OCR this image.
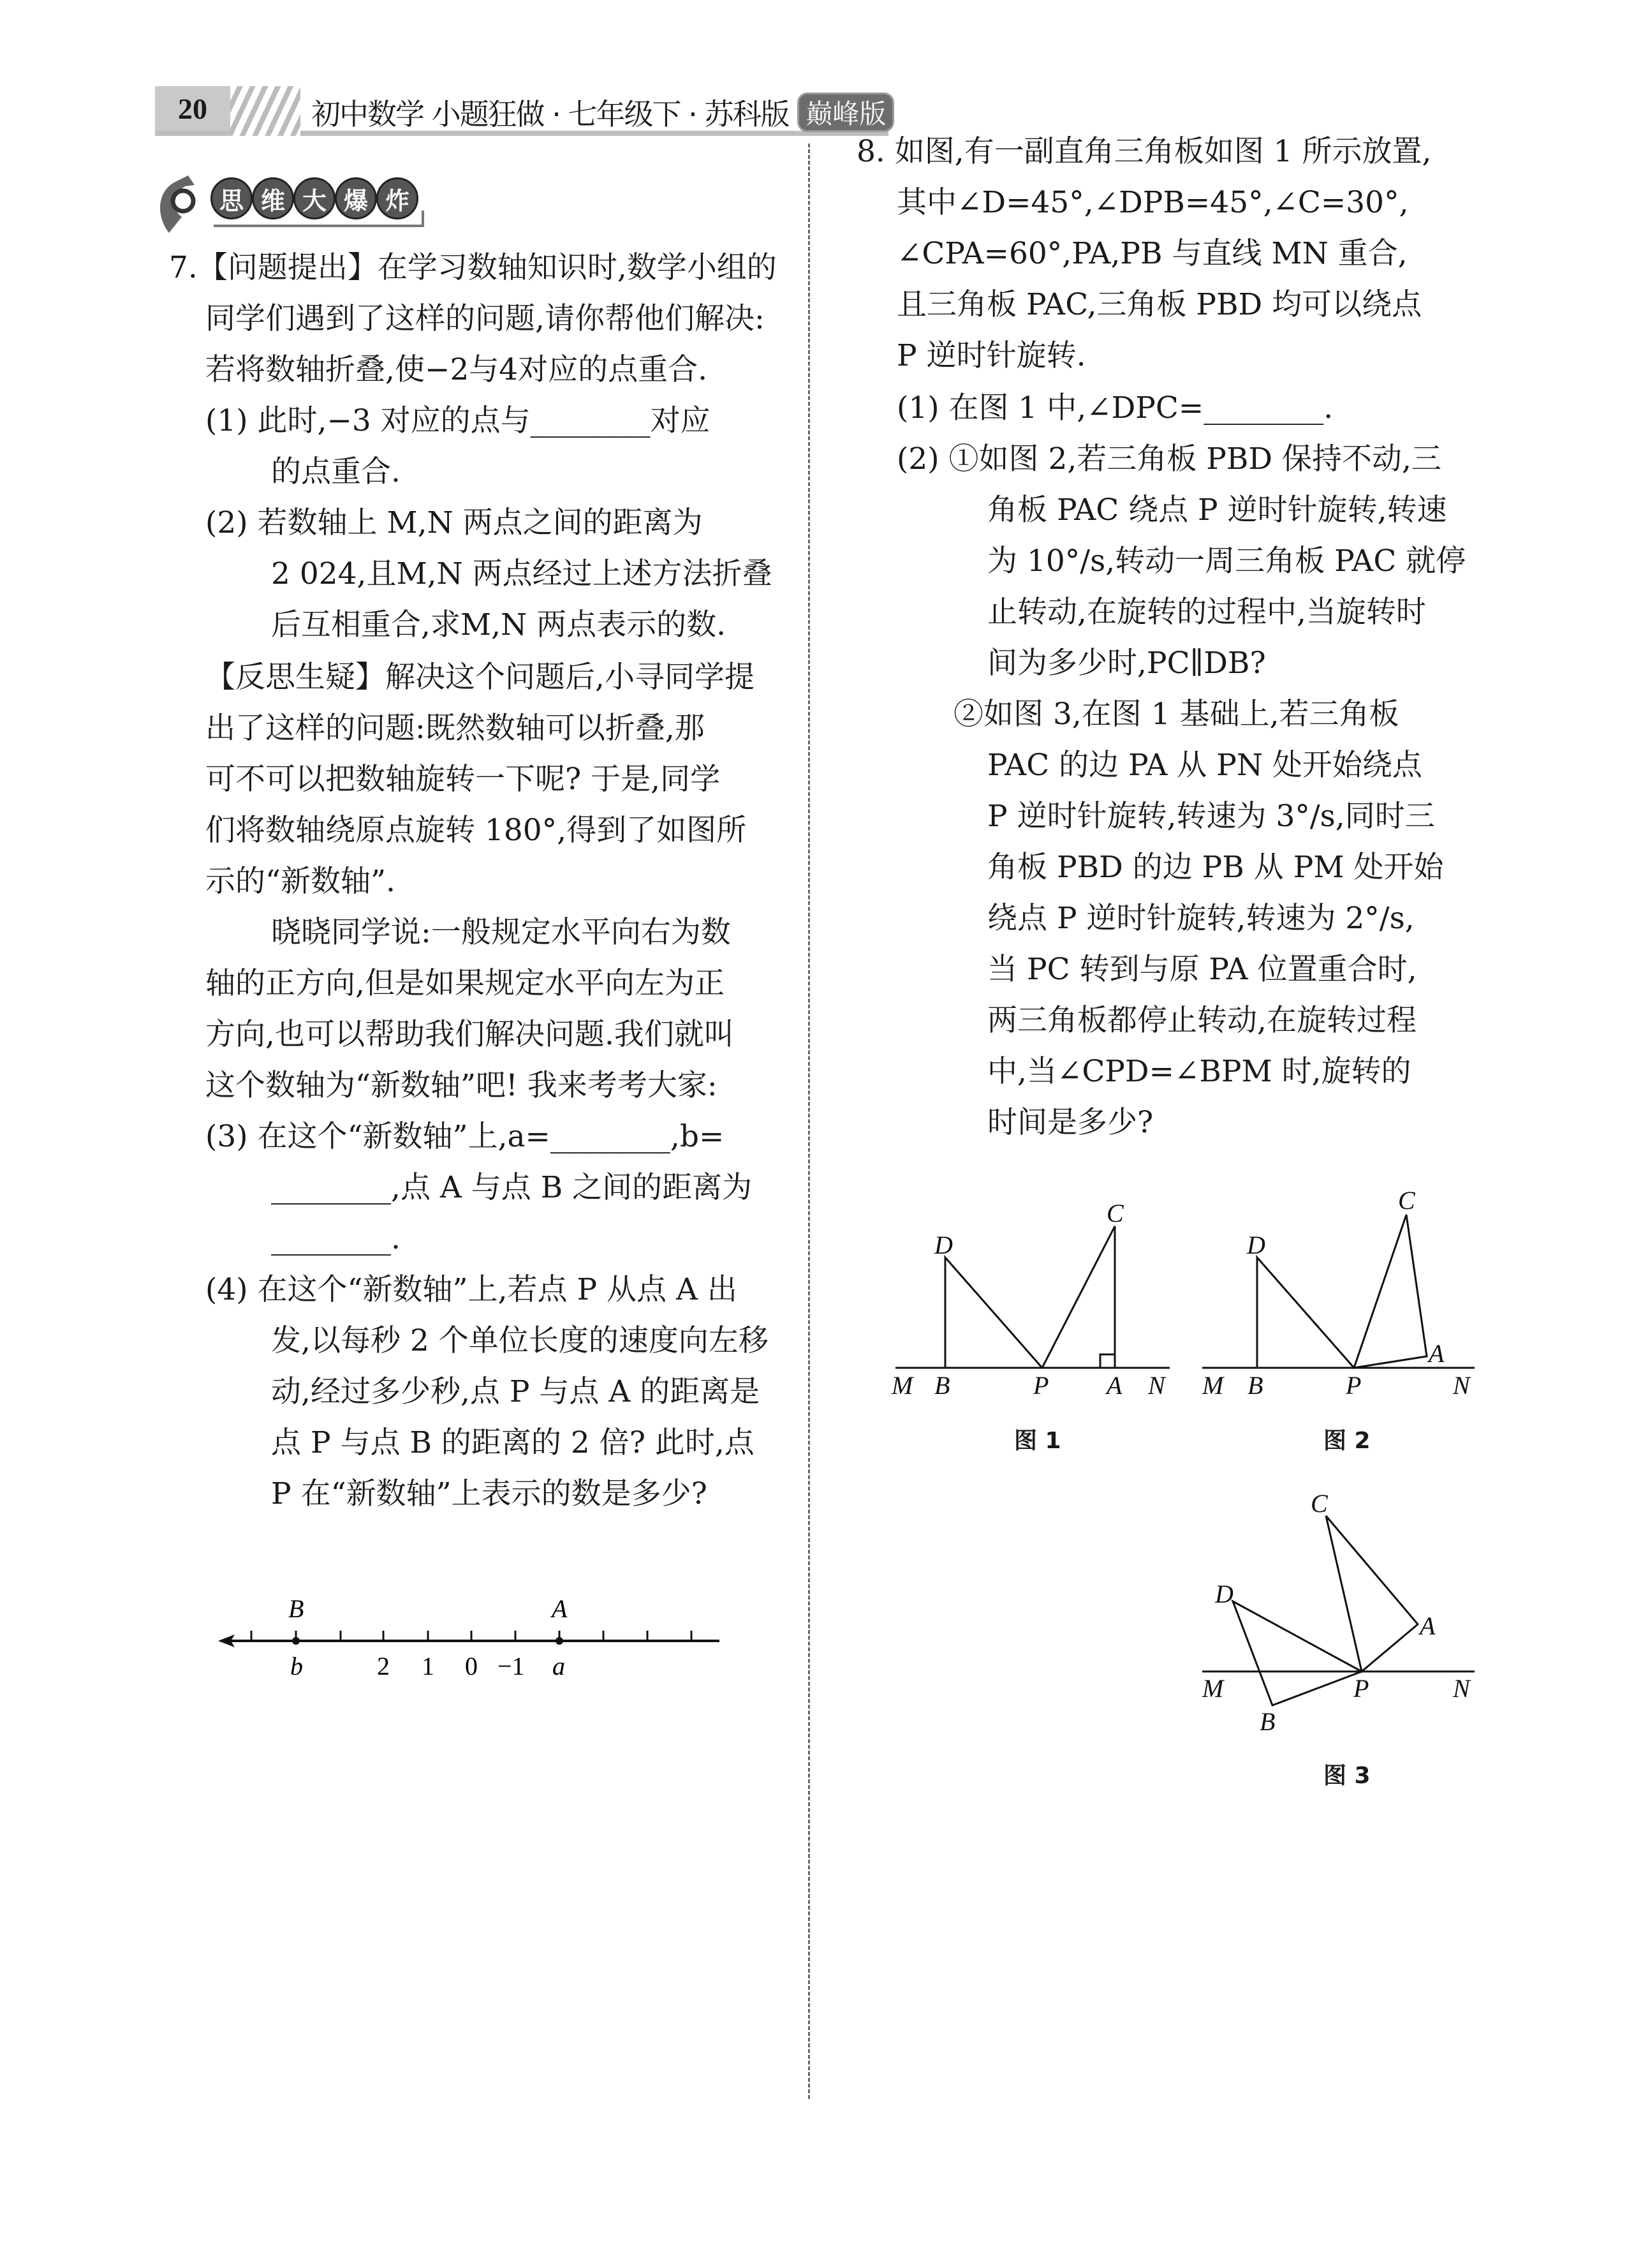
20	初中数学 小题狂做 · 七年级下 · 苏科版 巅峰版
思 维 大 爆 炸
7.【问题提出】在学习数轴知识时,数学小组的
同学们遇到了这样的问题,请你帮他们解决:
若将数轴折叠,使−2与4对应的点重合.
(1) 此时,−3 对应的点与________对应
的点重合.
(2) 若数轴上 M,N 两点之间的距离为
2 024,且M,N 两点经过上述方法折叠
后互相重合,求M,N 两点表示的数.
【反思生疑】解决这个问题后,小寻同学提
出了这样的问题:既然数轴可以折叠,那
可不可以把数轴旋转一下呢? 于是,同学
们将数轴绕原点旋转 180°,得到了如图所
示的“新数轴”.
晓晓同学说:一般规定水平向右为数
轴的正方向,但是如果规定水平向左为正
方向,也可以帮助我们解决问题.我们就叫
这个数轴为“新数轴”吧! 我来考考大家:
(3) 在这个“新数轴”上,a=________,b=
________,点 A 与点 B 之间的距离为
________.
(4) 在这个“新数轴”上,若点 P 从点 A 出
发,以每秒 2 个单位长度的速度向左移
动,经过多少秒,点 P 与点 A 的距离是
点 P 与点 B 的距离的 2 倍? 此时,点
P 在“新数轴”上表示的数是多少?
8. 如图,有一副直角三角板如图 1 所示放置,
其中∠D=45°,∠DPB=45°,∠C=30°,
∠CPA=60°,PA,PB 与直线 MN 重合,
且三角板 PAC,三角板 PBD 均可以绕点
P 逆时针旋转.
(1) 在图 1 中,∠DPC=________.
(2) ①如图 2,若三角板 PBD 保持不动,三
角板 PAC 绕点 P 逆时针旋转,转速
为 10°/s,转动一周三角板 PAC 就停
止转动,在旋转的过程中,当旋转时
间为多少时,PC∥DB?
②如图 3,在图 1 基础上,若三角板
PAC 的边 PA 从 PN 处开始绕点
P 逆时针旋转,转速为 3°/s,同时三
角板 PBD 的边 PB 从 PM 处开始
绕点 P 逆时针旋转,转速为 2°/s,
当 PC 转到与原 PA 位置重合时,
两三角板都停止转动,在旋转过程
中,当∠CPD=∠BPM 时,旋转的
时间是多少?
B	A
b	2 1 0 −1 a
M B	P A N
D
C
M B	P
A
N
D
C
M
B
P
A
N
D
C
图 1	图 2
图 3
